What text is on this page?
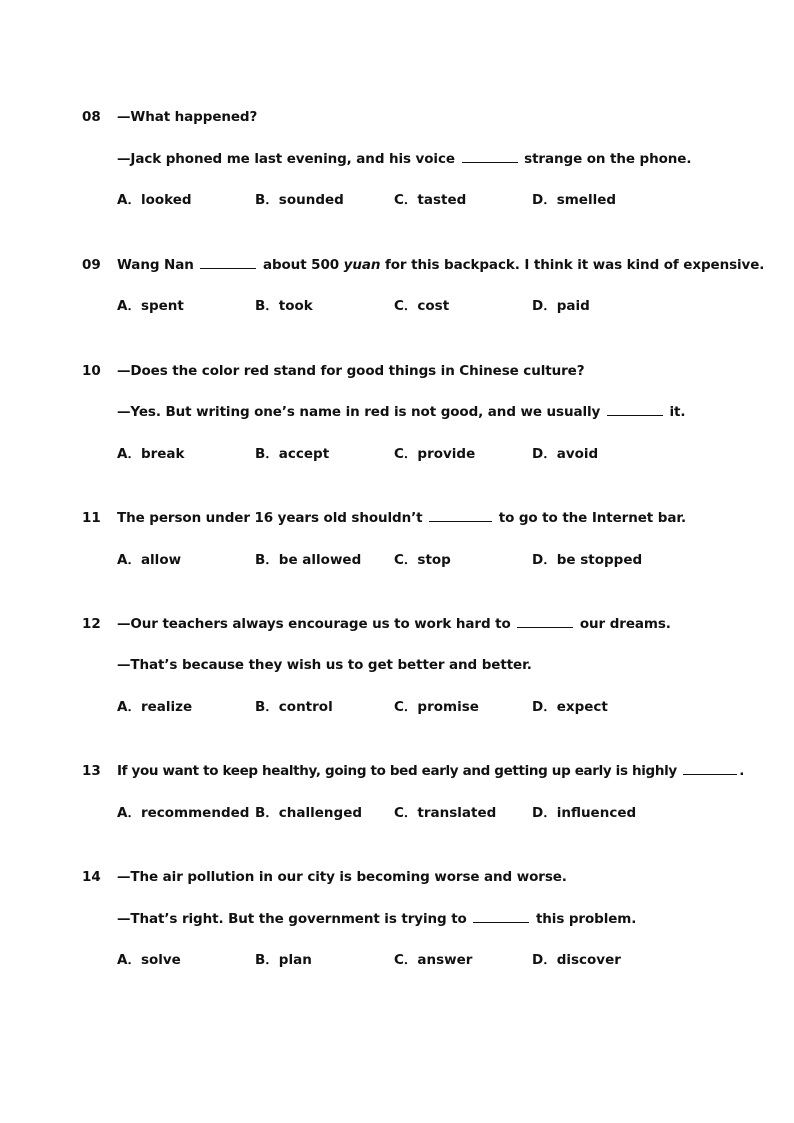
08 —What happened?
—Jack phoned me last evening, and his voice	strange on the phone.
A．looked	B．sounded	C．tasted	D．smelled
09 Wang Nan	about 500 yuan for this backpack. I think it was kind of expensive.
A．spent	B．took	C．cost	D．paid
10 —Does the color red stand for good things in Chinese culture?
—Yes. But writing one’s name in red is not good, and we usually	it.
A．break	B．accept	C．provide	D．avoid
11 The person under 16 years old shouldn’t	to go to the Internet bar.
A．allow	B．be allowed C．stop	D．be stopped
12 —Our teachers always encourage us to work hard to	our dreams.
—That’s because they wish us to get better and better.
A．realize	B．control	C．promise	D．expect
13 If you want to keep healthy, going to bed early and getting up early is highly	.
A．recommended B．challenged C．translated	D．influenced
14 —The air pollution in our city is becoming worse and worse.
—That’s right. But the government is trying to	this problem.
A．solve	B．plan	C．answer	D．discover
